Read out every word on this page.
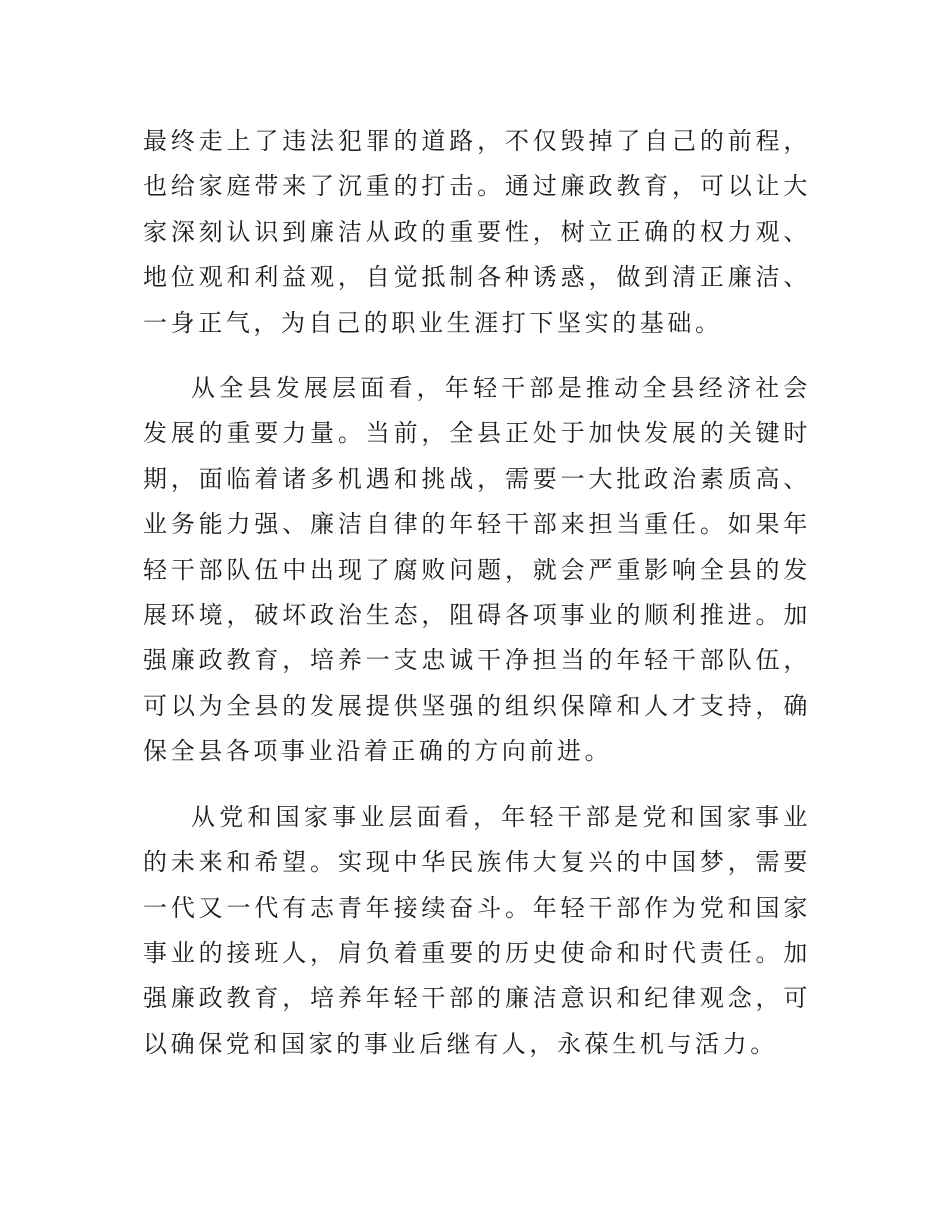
最终走上了违法犯罪的道路，不仅毁掉了自己的前程，也给家庭带来了沉重的打击。通过廉政教育，可以让大家深刻认识到廉洁从政的重要性，树立正确的权力观、地位观和利益观，自觉抵制各种诱惑，做到清正廉洁、一身正气，为自己的职业生涯打下坚实的基础。

从全县发展层面看，年轻干部是推动全县经济社会发展的重要力量。当前，全县正处于加快发展的关键时期，面临着诸多机遇和挑战，需要一大批政治素质高、业务能力强、廉洁自律的年轻干部来担当重任。如果年轻干部队伍中出现了腐败问题，就会严重影响全县的发展环境，破坏政治生态，阻碍各项事业的顺利推进。加强廉政教育，培养一支忠诚干净担当的年轻干部队伍，可以为全县的发展提供坚强的组织保障和人才支持，确保全县各项事业沿着正确的方向前进。

从党和国家事业层面看，年轻干部是党和国家事业的未来和希望。实现中华民族伟大复兴的中国梦，需要一代又一代有志青年接续奋斗。年轻干部作为党和国家事业的接班人，肩负着重要的历史使命和时代责任。加强廉政教育，培养年轻干部的廉洁意识和纪律观念，可以确保党和国家的事业后继有人，永葆生机与活力。
